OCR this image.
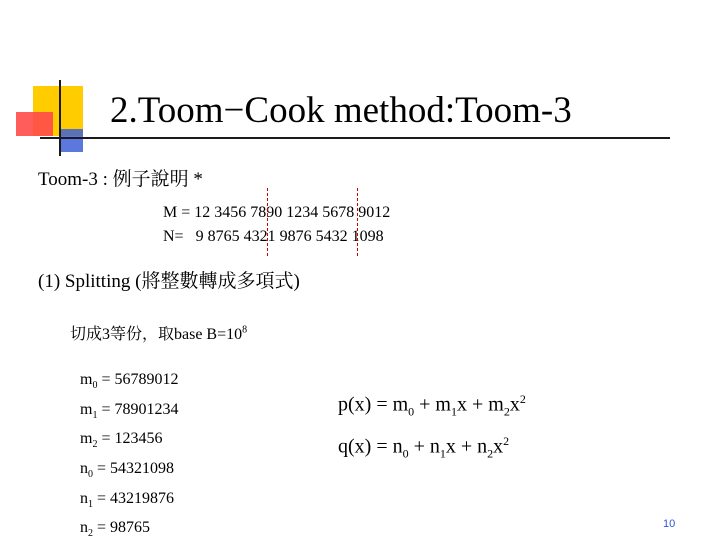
2.Toom−Cook method:Toom-3
Toom-3 : 例子說明 *
M = 12 3456 7890 1234 5678 9012
N=   9 8765 4321 9876 5432 1098
(1) Splitting (將整數轉成多項式)
切成3等份，取base $B=10^8$
$m_0 = 56789012$
$m_1 = 78901234$
$m_2 = 123456$
$n_0 = 54321098$
$n_1 = 43219876$
$n_2 = 98765$
$p(x) = m_0 + m_1x + m_2x^2$
$q(x) = n_0 + n_1x + n_2x^2$
10
